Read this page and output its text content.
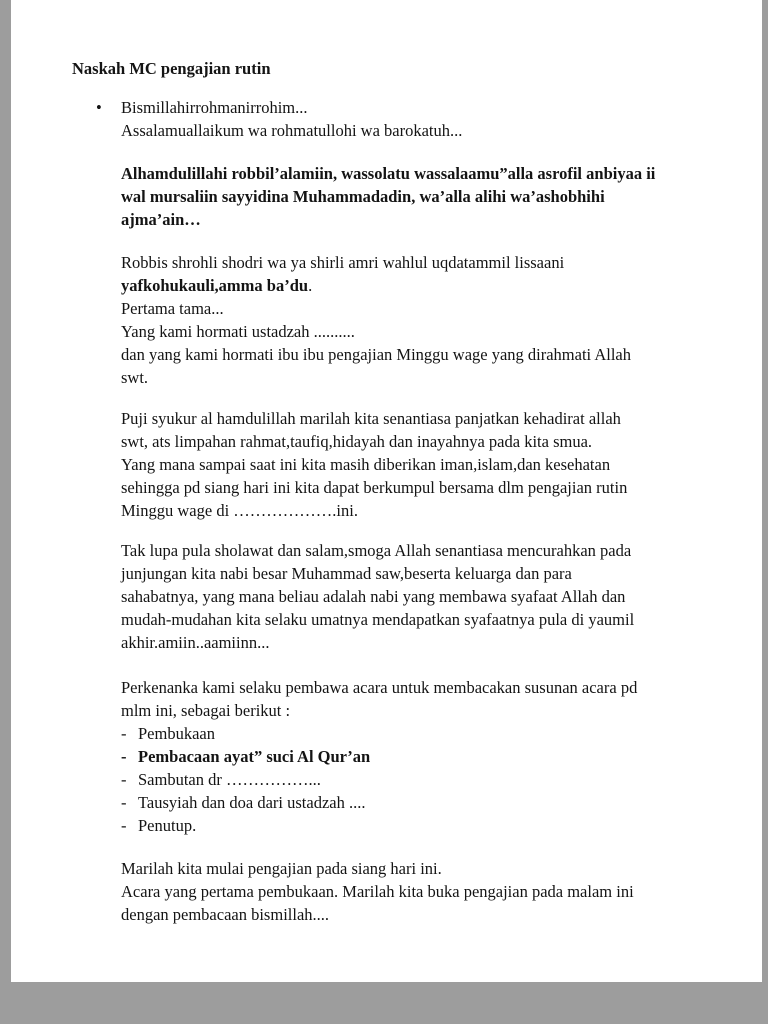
Naskah MC pengajian rutin
• Bismillahirrohmanirrohim...
Assalamuallaikum wa rohmatullohi wa barokatuh...
Alhamdulillahi robbil’alamiin, wassolatu wassalaamu”alla asrofil anbiyaa ii
wal mursaliin sayyidina Muhammadadin, wa’alla alihi wa’ashobhihi
ajma’ain…
Robbis shrohli shodri wa ya shirli amri wahlul uqdatammil lissaani
yafkohukauli,amma ba’du.
Pertama tama...
Yang kami hormati ustadzah ..........
dan yang kami hormati ibu ibu pengajian Minggu wage yang dirahmati Allah
swt.
Puji syukur al hamdulillah marilah kita senantiasa panjatkan kehadirat allah
swt, ats limpahan rahmat,taufiq,hidayah dan inayahnya pada kita smua.
Yang mana sampai saat ini kita masih diberikan iman,islam,dan kesehatan
sehingga pd siang hari ini kita dapat berkumpul bersama dlm pengajian rutin
Minggu wage di ……………….ini.
Tak lupa pula sholawat dan salam,smoga Allah senantiasa mencurahkan pada
junjungan kita nabi besar Muhammad saw,beserta keluarga dan para
sahabatnya, yang mana beliau adalah nabi yang membawa syafaat Allah dan
mudah-mudahan kita selaku umatnya mendapatkan syafaatnya pula di yaumil
akhir.amiin..aamiinn...
Perkenanka kami selaku pembawa acara untuk membacakan susunan acara pd
mlm ini, sebagai berikut :
- Pembukaan
- Pembacaan ayat” suci Al Qur’an
- Sambutan dr ……………...
- Tausyiah dan doa dari ustadzah ....
- Penutup.
Marilah kita mulai pengajian pada siang hari ini.
Acara yang pertama pembukaan. Marilah kita buka pengajian pada malam ini
dengan pembacaan bismillah....
